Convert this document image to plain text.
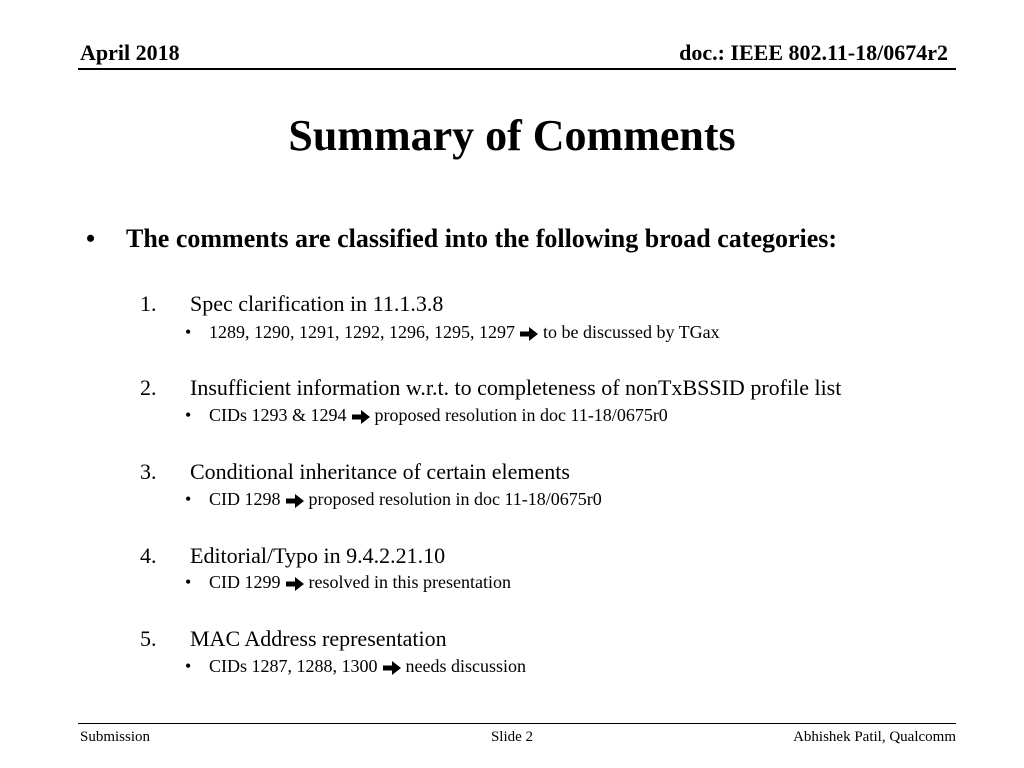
April 2018	doc.: IEEE 802.11-18/0674r2
Summary of Comments
• The comments are classified into the following broad categories:
1. Spec clarification in 11.1.3.8
• 1289, 1290, 1291, 1292, 1296, 1295, 1297 to be discussed by TGax
2. Insufficient information w.r.t. to completeness of nonTxBSSID profile list
• CIDs 1293 & 1294 proposed resolution in doc 11-18/0675r0
3. Conditional inheritance of certain elements
• CID 1298 proposed resolution in doc 11-18/0675r0
4. Editorial/Typo in 9.4.2.21.10
• CID 1299 resolved in this presentation
5. MAC Address representation
• CIDs 1287, 1288, 1300 needs discussion
Submission	Slide 2	Abhishek Patil, Qualcomm
